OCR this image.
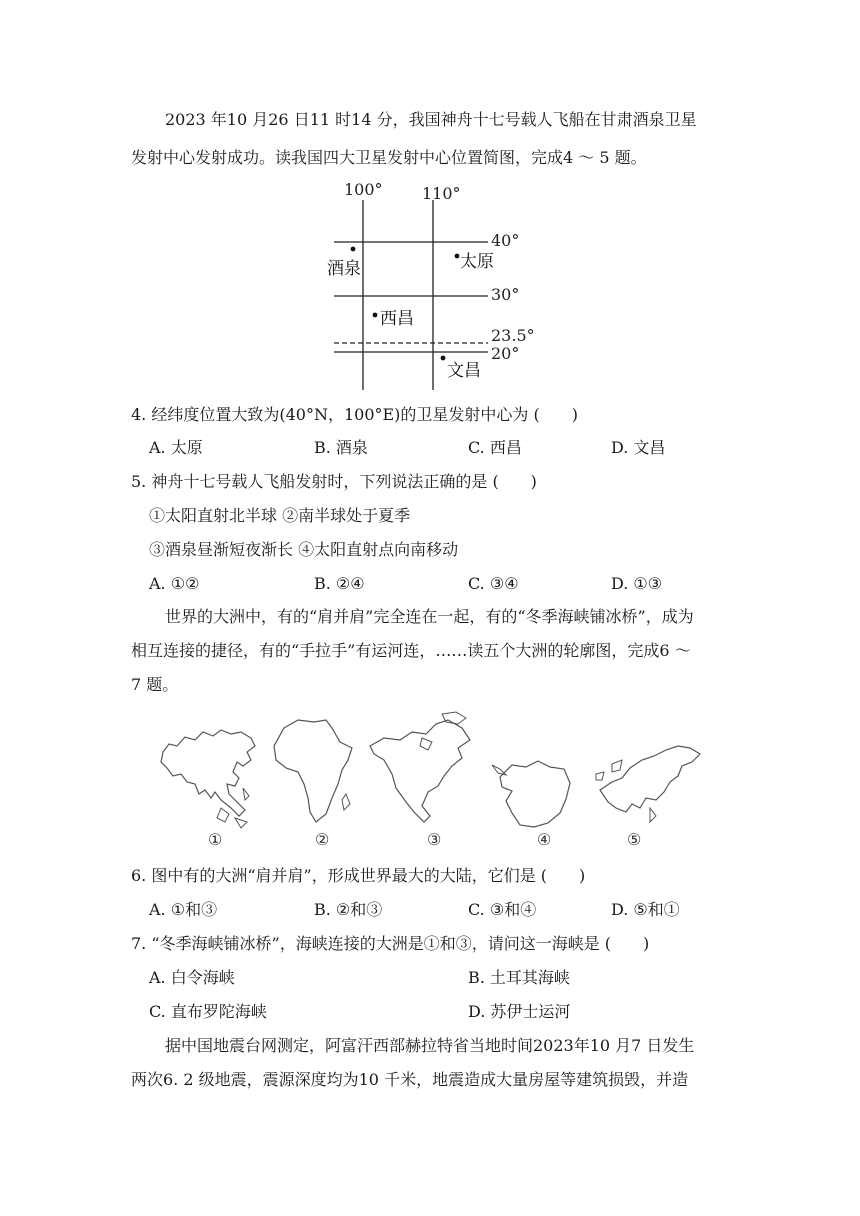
2023 年10 月26 日11 时14 分，我国神舟十七号载人飞船在甘肃酒泉卫星
发射中心发射成功。读我国四大卫星发射中心位置简图，完成4 ～ 5 题。
100° 110°
40°
30°
23.5°
20°
酒泉	太原
西昌
文昌
4. 经纬度位置大致为(40°N，100°E)的卫星发射中心为 (　　)
A. 太原	B. 酒泉	C. 西昌	D. 文昌
5. 神舟十七号载人飞船发射时，下列说法正确的是 (　　)
①太阳直射北半球 ②南半球处于夏季
③酒泉昼渐短夜渐长 ④太阳直射点向南移动
A. ①②	B. ②④	C. ③④	D. ①③
世界的大洲中，有的“肩并肩”完全连在一起，有的“冬季海峡铺冰桥”，成为
相互连接的捷径，有的“手拉手”有运河连，……读五个大洲的轮廓图，完成6 ～
7 题。
①	②	③	④	⑤
6. 图中有的大洲“肩并肩”，形成世界最大的大陆，它们是 (　　)
A. ①和③	B. ②和③	C. ③和④	D. ⑤和①
7. “冬季海峡铺冰桥”，海峡连接的大洲是①和③，请问这一海峡是 (　　)
A. 白令海峡	B. 土耳其海峡
C. 直布罗陀海峡	D. 苏伊士运河
据中国地震台网测定，阿富汗西部赫拉特省当地时间2023年10 月7 日发生
两次6. 2 级地震，震源深度均为10 千米，地震造成大量房屋等建筑损毁，并造
